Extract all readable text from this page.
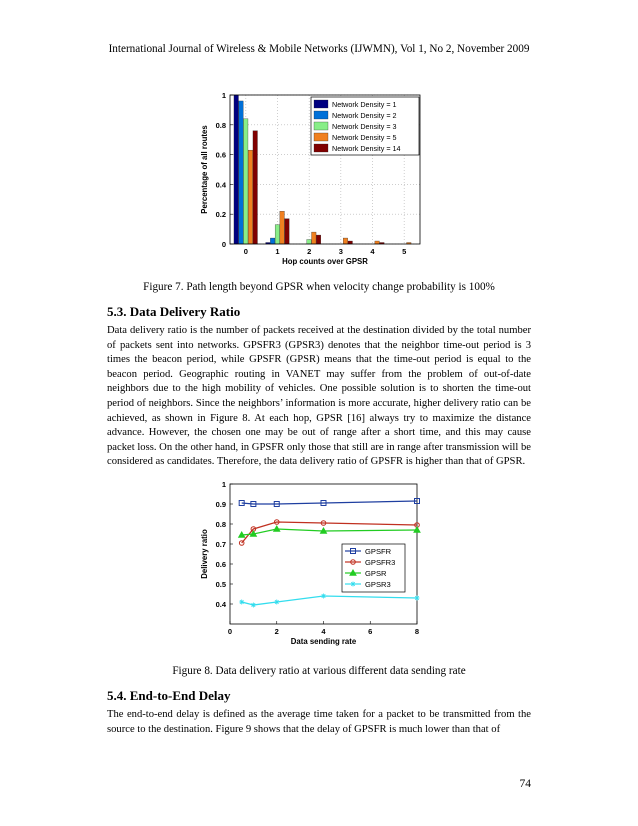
International Journal of Wireless & Mobile Networks (IJWMN), Vol 1, No 2, November 2009
0
0.2
0.4
0.6
0.8
1
0	1	2	3	4	5
Hop counts over GPSR
Percentage of all routes
Network Density = 1
Network Density = 2
Network Density = 3
Network Density = 5
Network Density = 14
Figure 7. Path length beyond GPSR when velocity change probability is 100%
5.3. Data Delivery Ratio

Data delivery ratio is the number of packets received at the destination divided by the total number of packets sent into networks. GPSFR3 (GPSR3) denotes that the neighbor time-out period is 3 times the beacon period, while GPSFR (GPSR) means that the time-out period is equal to the beacon period. Geographic routing in VANET may suffer from the problem of out-of-date neighbors due to the high mobility of vehicles. One possible solution is to shorten the time-out period of neighbors. Since the neighbors’ information is more accurate, higher delivery ratio can be achieved, as shown in Figure 8. At each hop, GPSR [16] always try to maximize the distance advance. However, the chosen one may be out of range after a short time, and this may cause packet loss. On the other hand, in GPSFR only those that still are in range after transmission will be considered as candidates. Therefore, the data delivery ratio of GPSFR is higher than that of GPSR.

0.4
0.5
0.6
0.7
0.8
0.9
1
0	2	4	6	8
Data sending rate
Delivery ratio	GPSFR
GPSFR3
GPSR
GPSR3
Figure 8. Data delivery ratio at various different data sending rate
5.4. End-to-End Delay

The end-to-end delay is defined as the average time taken for a packet to be transmitted from the source to the destination. Figure 9 shows that the delay of GPSFR is much lower than that of

74
